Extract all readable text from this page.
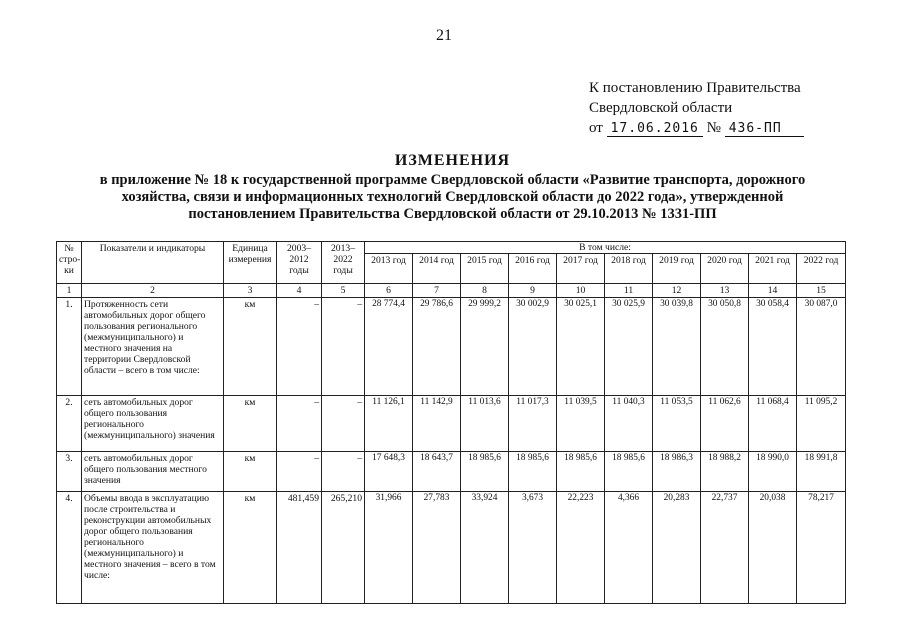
21
К постановлению Правительства
Свердловской области
от 17.06.2016 № 436-ПП
ИЗМЕНЕНИЯ
в приложение № 18 к государственной программе Свердловской области «Развитие транспорта, дорожного
хозяйства, связи и информационных технологий Свердловской области до 2022 года», утвержденной
постановлением Правительства Свердловской области от 29.10.2013 № 1331-ПП
№ стро-ки	Показатели и индикаторы	Единица измерения	2003–2012 годы	2013–2022 годы	В том числе:									
					2013 год	2014 год	2015 год	2016 год	2017 год	2018 год	2019 год	2020 год	2021 год	2022 год
1	2	3	4	5	6	7	8	9	10	11	12	13	14	15
1.	Протяженность сети автомобильных дорог общего пользования регионального (межмуниципального) и местного значения на территории Свердловской области – всего в том числе:	км	–	–	28 774,4	29 786,6	29 999,2	30 002,9	30 025,1	30 025,9	30 039,8	30 050,8	30 058,4	30 087,0
2.	сеть автомобильных дорог общего пользования регионального (межмуниципального) значения	км	–	–	11 126,1	11 142,9	11 013,6	11 017,3	11 039,5	11 040,3	11 053,5	11 062,6	11 068,4	11 095,2
3.	сеть автомобильных дорог общего пользования местного значения	км	–	–	17 648,3	18 643,7	18 985,6	18 985,6	18 985,6	18 985,6	18 986,3	18 988,2	18 990,0	18 991,8
4.	Объемы ввода в эксплуатацию после строительства и реконструкции автомобильных дорог общего пользования регионального (межмуниципального) и местного значения – всего в том числе:	км	481,459	265,210	31,966	27,783	33,924	3,673	22,223	4,366	20,283	22,737	20,038	78,217
